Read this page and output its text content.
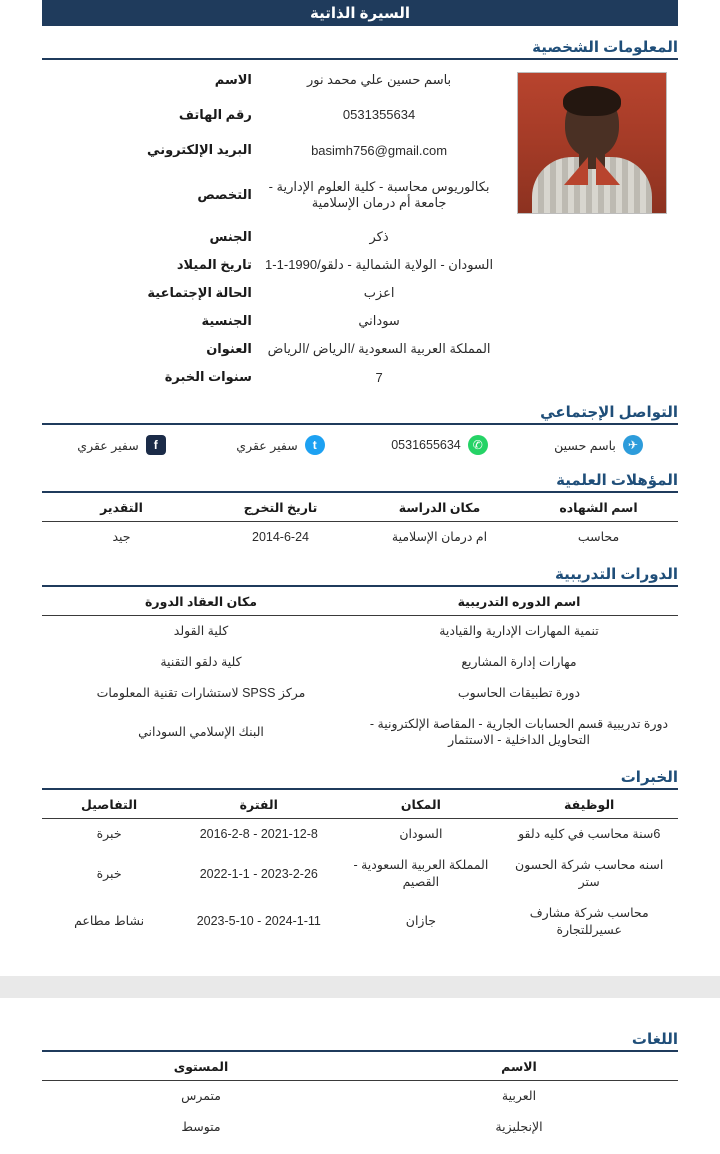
السيرة الذاتية
المعلومات الشخصية
	باسم حسين علي محمد نور	الاسم
	0531355634	رقم الهاتف
	basimh756@gmail.com	البريد الإلكتروني
	بكالوريوس محاسبة - كلية العلوم الإدارية - جامعة أم درمان الإسلامية	التخصص
	ذكر	الجنس
	السودان - الولاية الشمالية - دلقو/1990-1-1	تاريخ الميلاد
	اعزب	الحالة الإجتماعية
	سوداني	الجنسية
	المملكة العربية السعودية /الرياض /الرياض	العنوان
	7	سنوات الخبرة
التواصل الإجتماعي
✈
باسم حسين
✆
0531655634
t
سفير عقري
f
سفير عقري
المؤهلات العلمية
اسم الشهاده	مكان الدراسة	تاريخ التخرج	التقدير
محاسب	ام درمان الإسلامية	2014-6-24	جيد
الدورات التدريبية
اسم الدوره التدريبية	مكان العقاد الدورة
تنمية المهارات الإدارية والقيادية	كلية القولد
مهارات إدارة المشاريع	كلية دلقو التقنية
دورة تطبيقات الحاسوب	مركز SPSS لاستشارات تقنية المعلومات
دورة تدريبية قسم الحسابات الجارية - المقاصة الإلكترونية - التحاويل الداخلية - الاستثمار	البنك الإسلامي السوداني
الخبرات
الوظيفة	المكان	الفترة	التفاصيل
6سنة محاسب في كليه دلقو	السودان	2021-12-8 - 2016-2-8	خبرة
اسنه محاسب شركة الحسون ستر	المملكة العربية السعودية - القصيم	2023-2-26 - 2022-1-1	خبرة
محاسب شركة مشارف عسيرللتجارة	جازان	2024-1-11 - 2023-5-10	نشاط مطاعم
اللغات
الاسم	المستوى
العربية	متمرس
الإنجليزية	متوسط
